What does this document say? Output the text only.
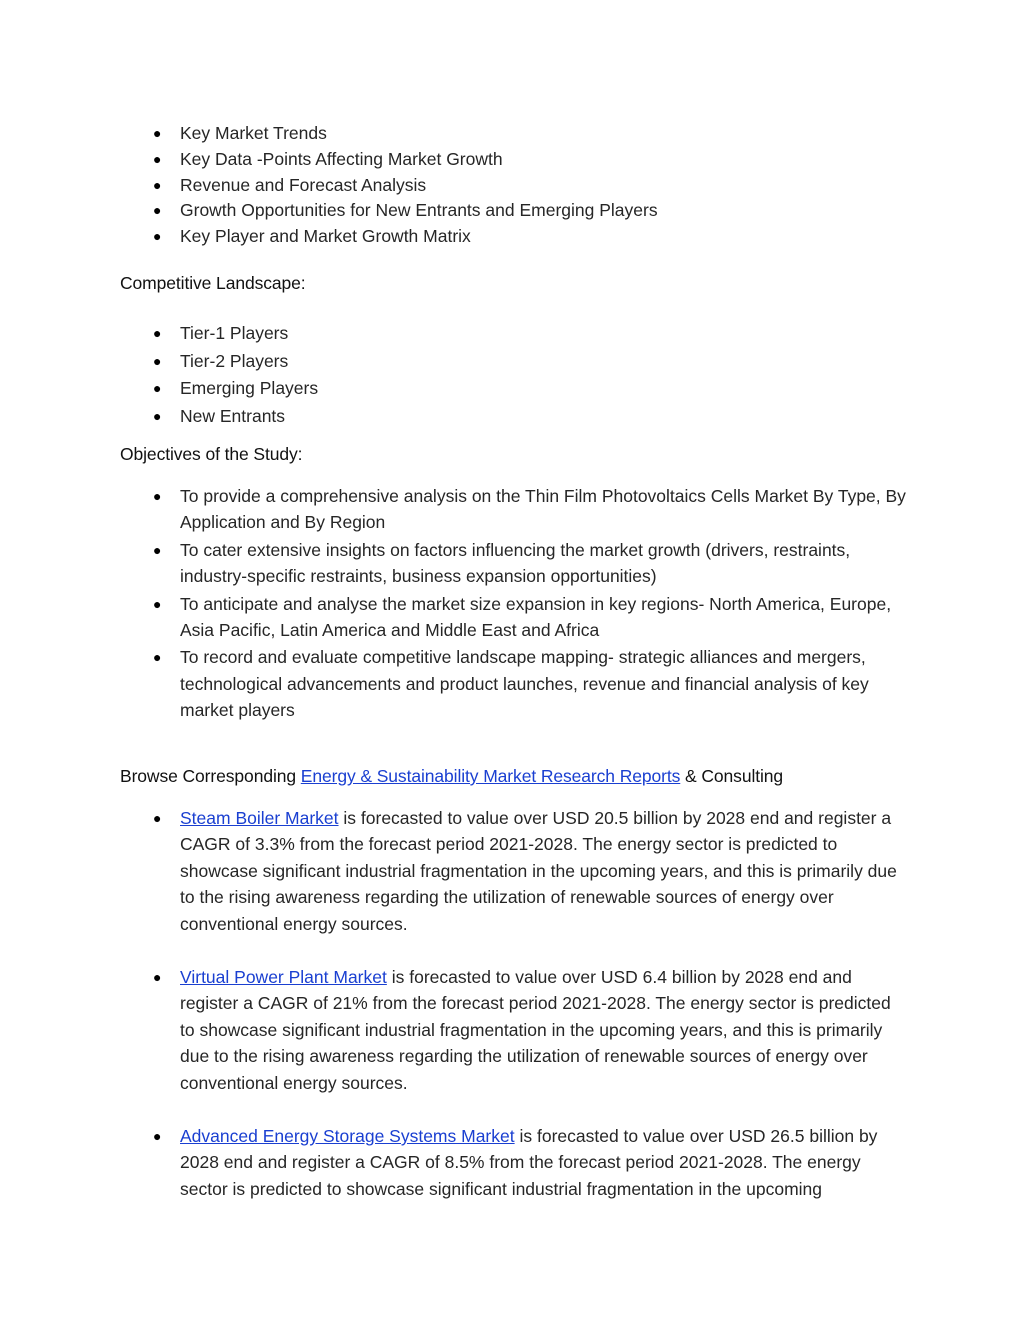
● Key Market Trends
● Key Data -Points Affecting Market Growth
● Revenue and Forecast Analysis
● Growth Opportunities for New Entrants and Emerging Players
● Key Player and Market Growth Matrix
Competitive Landscape:
● Tier-1 Players
● Tier-2 Players
● Emerging Players
● New Entrants
Objectives of the Study:
● To provide a comprehensive analysis on the Thin Film Photovoltaics Cells Market By Type, By Application and By Region
● To cater extensive insights on factors influencing the market growth (drivers, restraints, industry-specific restraints, business expansion opportunities)
● To anticipate and analyse the market size expansion in key regions- North America, Europe, Asia Pacific, Latin America and Middle East and Africa
● To record and evaluate competitive landscape mapping- strategic alliances and mergers, technological advancements and product launches, revenue and financial analysis of key market players
Browse Corresponding Energy & Sustainability Market Research Reports & Consulting
● Steam Boiler Market is forecasted to value over USD 20.5 billion by 2028 end and register a CAGR of 3.3% from the forecast period 2021-2028. The energy sector is predicted to showcase significant industrial fragmentation in the upcoming years, and this is primarily due to the rising awareness regarding the utilization of renewable sources of energy over conventional energy sources.
● Virtual Power Plant Market is forecasted to value over USD 6.4 billion by 2028 end and register a CAGR of 21% from the forecast period 2021-2028. The energy sector is predicted to showcase significant industrial fragmentation in the upcoming years, and this is primarily due to the rising awareness regarding the utilization of renewable sources of energy over conventional energy sources.
● Advanced Energy Storage Systems Market is forecasted to value over USD 26.5 billion by 2028 end and register a CAGR of 8.5% from the forecast period 2021-2028. The energy sector is predicted to showcase significant industrial fragmentation in the upcoming
